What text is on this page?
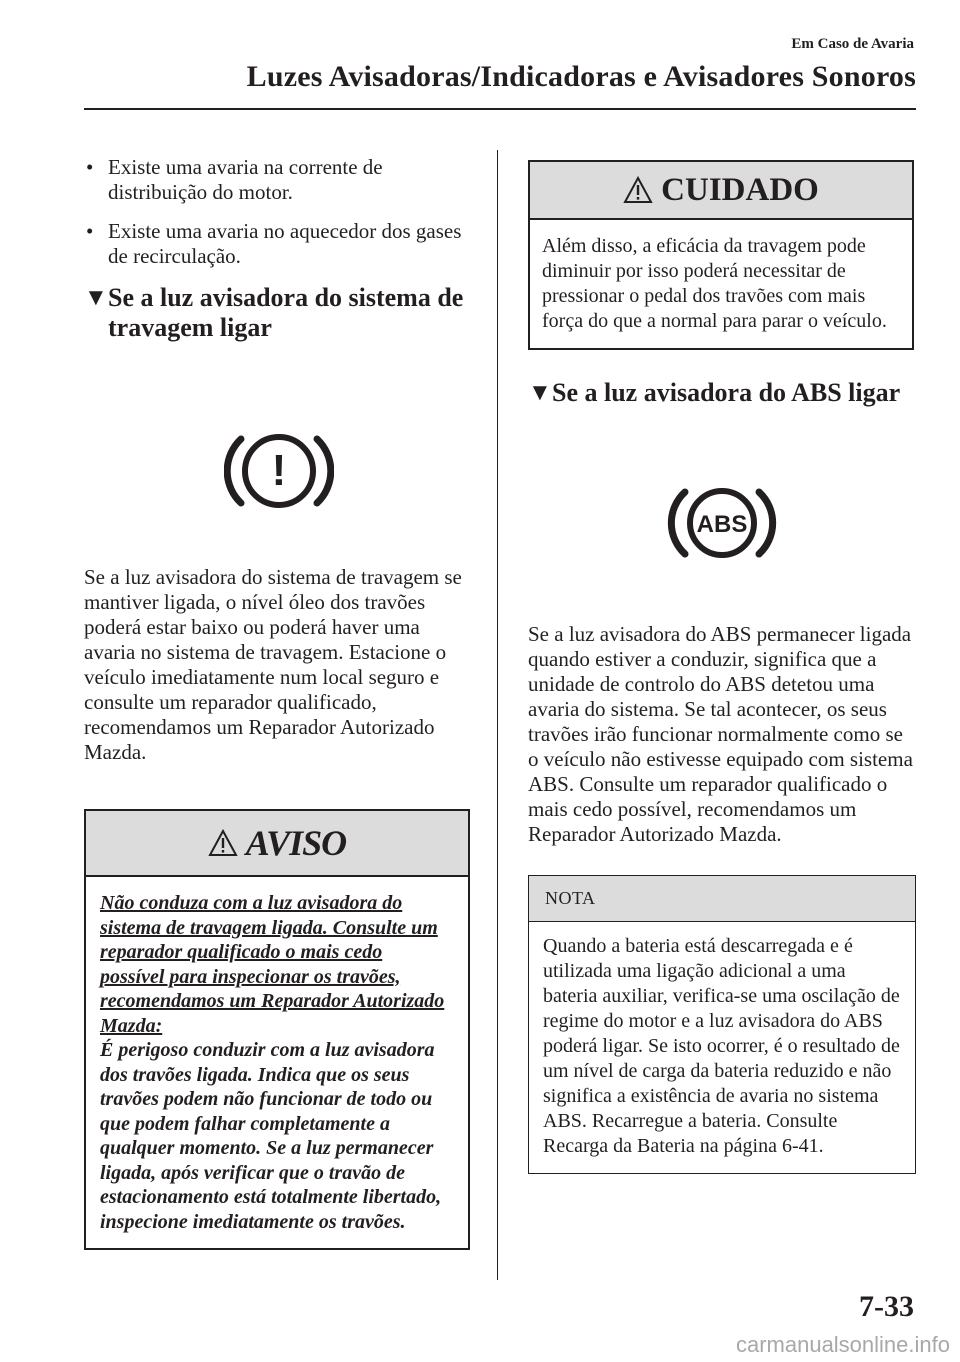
Em Caso de Avaria
Luzes Avisadoras/Indicadoras e Avisadores Sonoros
• Existe uma avaria na corrente de distribuição do motor.
• Existe uma avaria no aquecedor dos gases de recirculação.
▼ Se a luz avisadora do sistema de
travagem ligar
!

Se a luz avisadora do sistema de travagem se mantiver ligada, o nível óleo dos travões poderá estar baixo ou poderá haver uma avaria no sistema de travagem. Estacione o veículo imediatamente num local seguro e consulte um reparador qualificado, recomendamos um Reparador Autorizado Mazda.

AVISO
Não conduza com a luz avisadora do sistema de travagem ligada. Consulte um reparador qualificado o mais cedo possível para inspecionar os travões, recomendamos um Reparador Autorizado Mazda:
É perigoso conduzir com a luz avisadora dos travões ligada. Indica que os seus travões podem não funcionar de todo ou que podem falhar completamente a qualquer momento. Se a luz permanecer ligada, após verificar que o travão de estacionamento está totalmente libertado, inspecione imediatamente os travões.
CUIDADO
Além disso, a eficácia da travagem pode diminuir por isso poderá necessitar de pressionar o pedal dos travões com mais força do que a normal para parar o veículo.
▼ Se a luz avisadora do ABS ligar
ABS

Se a luz avisadora do ABS permanecer ligada quando estiver a conduzir, significa que a unidade de controlo do ABS detetou uma avaria do sistema. Se tal acontecer, os seus travões irão funcionar normalmente como se o veículo não estivesse equipado com sistema ABS. Consulte um reparador qualificado o mais cedo possível, recomendamos um Reparador Autorizado Mazda.

NOTA
Quando a bateria está descarregada e é utilizada uma ligação adicional a uma bateria auxiliar, verifica-se uma oscilação de regime do motor e a luz avisadora do ABS poderá ligar. Se isto ocorrer, é o resultado de um nível de carga da bateria reduzido e não significa a existência de avaria no sistema ABS. Recarregue a bateria. Consulte Recarga da Bateria na página 6-41.
7-33
carmanualsonline.info
